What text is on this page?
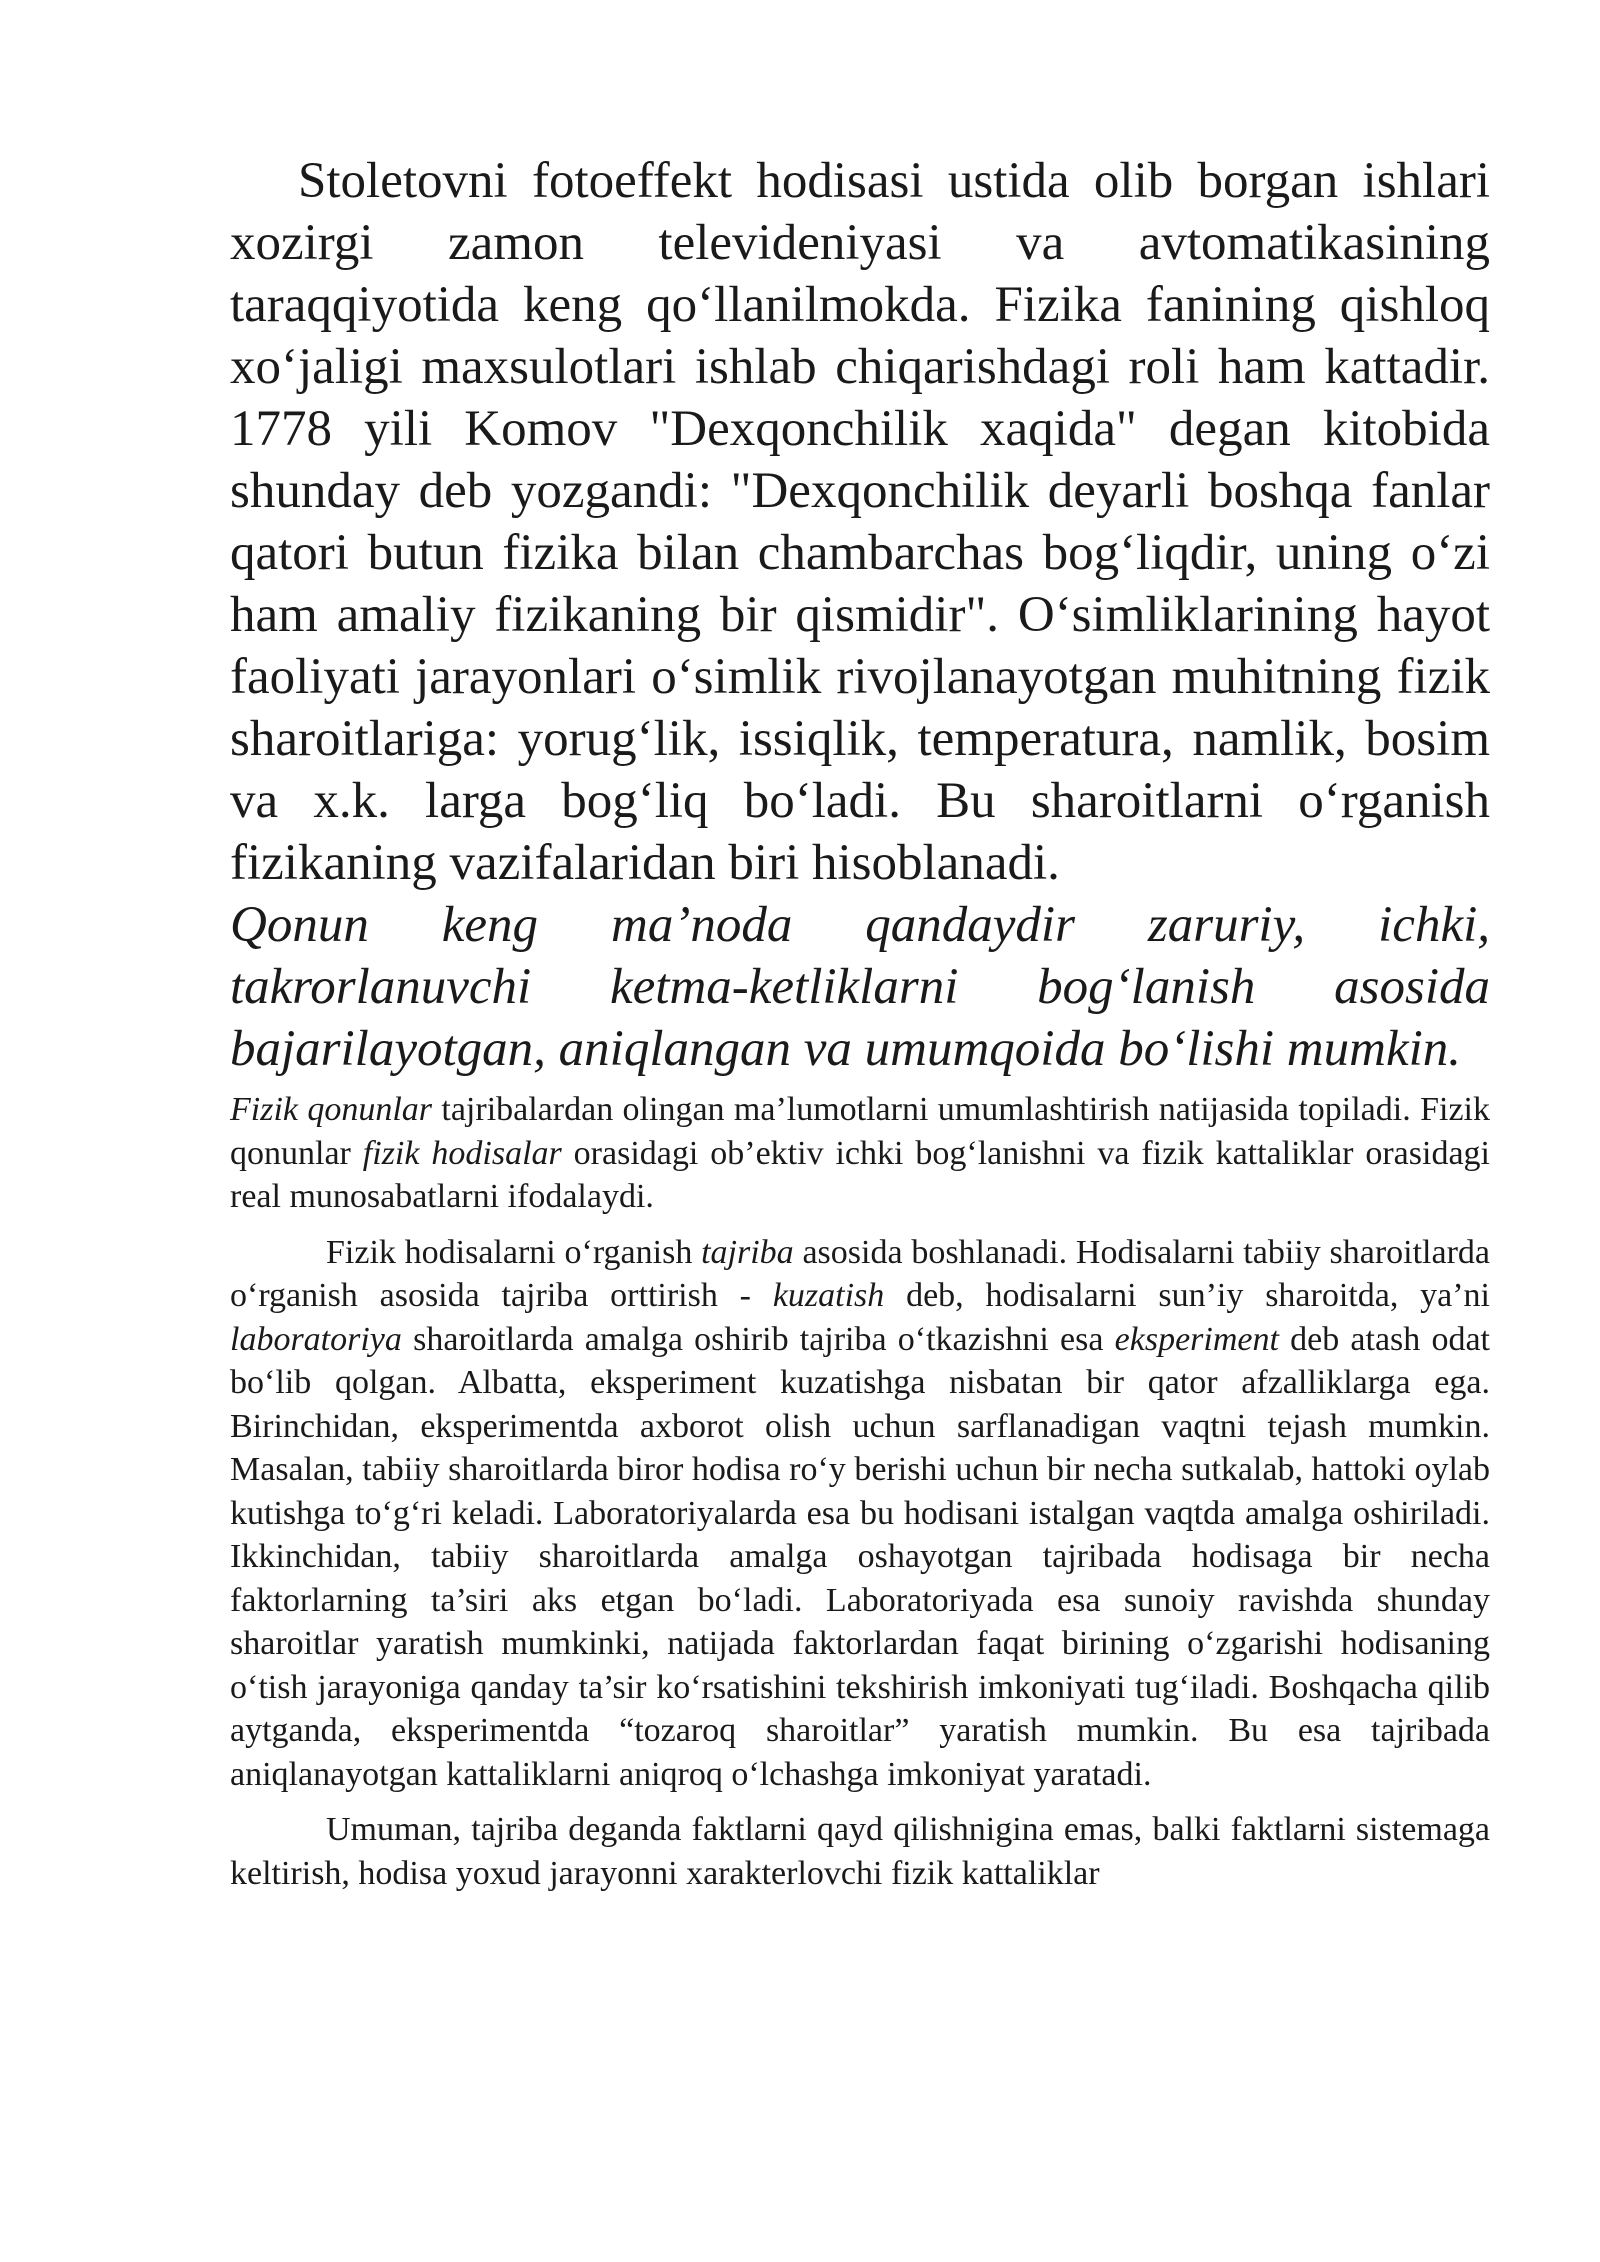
Stoletovni fotoeffekt hodisasi ustida olib borgan ishlari xozirgi zamon televideniyasi va avtomatikasining taraqqiyotida keng qo‘llanilmokda. Fizika fanining qishloq xo‘jaligi maxsulotlari ishlab chiqarishdagi roli ham kattadir. 1778 yili Komov "Dexqonchilik xaqida" degan kitobida shunday deb yozgandi: "Dexqonchilik deyarli boshqa fanlar qatori butun fizika bilan chambarchas bog‘liqdir, uning o‘zi ham amaliy fizikaning bir qismidir". O‘simliklarining hayot faoliyati jarayonlari o‘simlik rivojlanayotgan muhitning fizik sharoitlariga: yorug‘lik, issiqlik, temperatura, namlik, bosim va x.k. larga bog‘liq bo‘ladi. Bu sharoitlarni o‘rganish fizikaning vazifalaridan biri hisoblanadi.

Qonun keng ma’noda qandaydir zaruriy, ichki, takrorlanuvchi ketma-ketliklarni bog‘lanish asosida bajarilayotgan, aniqlangan va umumqoida bo‘lishi mumkin.

Fizik qonunlar tajribalardan olingan ma’lumotlarni umumlashtirish natijasida topiladi. Fizik qonunlar fizik hodisalar orasidagi ob’ektiv ichki bog‘lanishni va fizik kattaliklar orasidagi real munosabatlarni ifodalaydi.

Fizik hodisalarni o‘rganish tajriba asosida boshlanadi. Hodisalarni tabiiy sharoitlarda o‘rganish asosida tajriba orttirish - kuzatish deb, hodisalarni sun’iy sharoitda, ya’ni laboratoriya sharoitlarda amalga oshirib tajriba o‘tkazishni esa eksperiment deb atash odat bo‘lib qolgan. Albatta, eksperiment kuzatishga nisbatan bir qator afzalliklarga ega. Birinchidan, eksperimentda axborot olish uchun sarflanadigan vaqtni tejash mumkin. Masalan, tabiiy sharoitlarda biror hodisa ro‘y berishi uchun bir necha sutkalab, hattoki oylab kutishga to‘g‘ri keladi. Laboratoriyalarda esa bu hodisani istalgan vaqtda amalga oshiriladi. Ikkinchidan, tabiiy sharoitlarda amalga oshayotgan tajribada hodisaga bir necha faktorlarning ta’siri aks etgan bo‘ladi. Laboratoriyada esa sunoiy ravishda shunday sharoitlar yaratish mumkinki, natijada faktorlardan faqat birining o‘zgarishi hodisaning o‘tish jarayoniga qanday ta’sir ko‘rsatishini tekshirish imkoniyati tug‘iladi. Boshqacha qilib aytganda, eksperimentda “tozaroq sharoitlar” yaratish mumkin. Bu esa tajribada aniqlanayotgan kattaliklarni aniqroq o‘lchashga imkoniyat yaratadi.

Umuman, tajriba deganda faktlarni qayd qilishnigina emas, balki faktlarni sistemaga keltirish, hodisa yoxud jarayonni xarakterlovchi fizik kattaliklar
